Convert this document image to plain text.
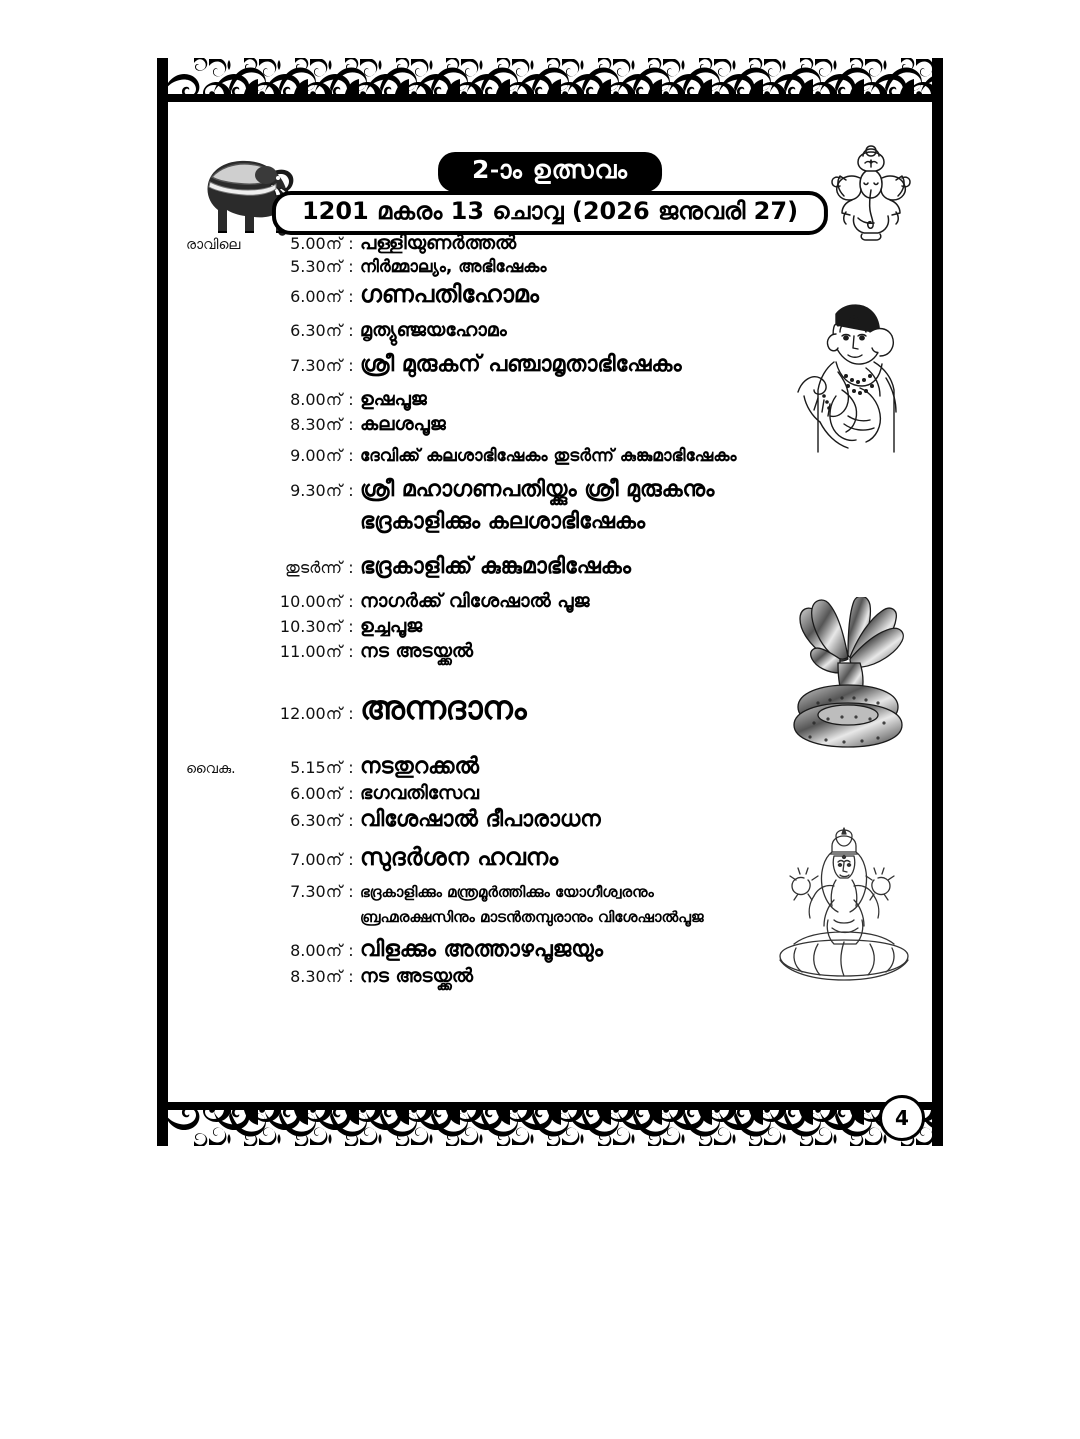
2-ാം ഉത്സവം
1201 മകരം 13 ചൊവ്വ (2026 ജനുവരി 27)
രാവിലെ	5.00ന് : പള്ളിയുണർത്തൽ
5.30ന് : നിർമ്മാല്യം, അഭിഷേകം
6.00ന് : ഗണപതിഹോമം
6.30ന് : മൃത്യുഞ്ജയഹോമം
7.30ന് : ശ്രീ മുരുകന് പഞ്ചാമൃതാഭിഷേകം
8.00ന് : ഉഷപൂജ
8.30ന് : കലശപൂജ
9.00ന് : ദേവിക്ക് കലശാഭിഷേകം തുടർന്ന് കുങ്കുമാഭിഷേകം
9.30ന് : ശ്രീ മഹാഗണപതിയ്ക്കും ശ്രീ മുരുകനും
ഭദ്രകാളിക്കും കലശാഭിഷേകം
തുടർന്ന് : ഭദ്രകാളിക്ക് കുങ്കുമാഭിഷേകം
10.00ന് : നാഗർക്ക് വിശേഷാൽ പൂജ
10.30ന് : ഉച്ചപൂജ
11.00ന് : നട അടയ്ക്കൽ
12.00ന് : അന്നദാനം
വൈകു.	5.15ന് : നടതുറക്കൽ
6.00ന് : ഭഗവതിസേവ
6.30ന് : വിശേഷാൽ ദീപാരാധന
7.00ന് : സുദർശന ഹവനം
7.30ന് : ഭദ്രകാളിക്കും മന്ത്രമൂർത്തിക്കും യോഗീശ്വരനും
ബ്രഹ്മരക്ഷസിനും മാടൻതമ്പുരാനും വിശേഷാൽപൂജ
8.00ന് : വിളക്കും അത്താഴപൂജയും
8.30ന് : നട അടയ്ക്കൽ
4
